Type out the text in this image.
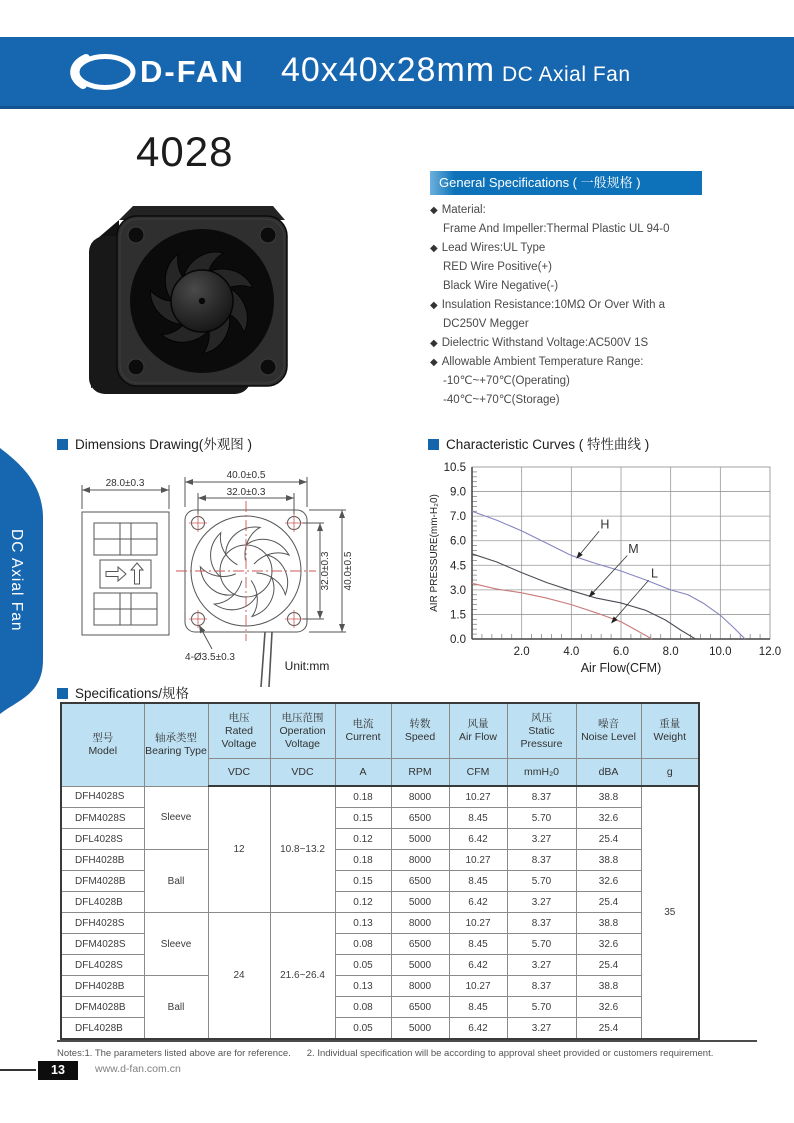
D-FAN 40x40x28mm DC Axial Fan
DC Axial Fan
4028
General Specifications ( 一般规格 )
◆ Material:
Frame And Impeller:Thermal Plastic UL 94-0
◆ Lead Wires:UL Type
RED Wire Positive(+)
Black Wire Negative(-)
◆ Insulation Resistance:10MΩ Or Over With a
DC250V Megger
◆ Dielectric Withstand Voltage:AC500V 1S
◆ Allowable Ambient Temperature Range:
-10℃~+70℃(Operating)
-40℃~+70℃(Storage)
Dimensions Drawing(外观图 )	Characteristic Curves ( 特性曲线 )
28.0±0.3
40.0±0.5
32.0±0.3
32.0±0.3 40.0±0.5
4-Ø3.5±0.3
Unit:mm
0.0
1.5
3.0
4.5
6.0
7.0
9.0
10.5
2.0	4.0	6.0	8.0	10.0 12.0
AIR PRESSURE(mm-H₂0)
Air Flow(CFM)
H
M
L
Specifications/规格
型号
Model

轴承类型
Bearing Type

电压
Rated Voltage

电压范围
Operation Voltage

电流
Current

转数
Speed

风量
Air Flow

风压
Static Pressure

噪音
Noise Level

重量
Weight

		VDC	VDC	A	RPM	CFM	mmH₂0	dBA	g
DFH4028S	Sleeve	12	10.8~13.2	0.18	8000	10.27	8.37	38.8	35
DFM4028S				0.15	6500	8.45	5.70	32.6	
DFL4028S				0.12	5000	6.42	3.27	25.4	
DFH4028B	Ball			0.18	8000	10.27	8.37	38.8	
DFM4028B				0.15	6500	8.45	5.70	32.6	
DFL4028B				0.12	5000	6.42	3.27	25.4	
DFH4028S	Sleeve	24	21.6~26.4	0.13	8000	10.27	8.37	38.8	
DFM4028S				0.08	6500	8.45	5.70	32.6	
DFL4028S				0.05	5000	6.42	3.27	25.4	
DFH4028B	Ball			0.13	8000	10.27	8.37	38.8	
DFM4028B				0.08	6500	8.45	5.70	32.6	
DFL4028B				0.05	5000	6.42	3.27	25.4	
Notes:1. The parameters listed above are for reference. 2. Individual specification will be according to approval sheet provided or customers requirement.
13	www.d-fan.com.cn
